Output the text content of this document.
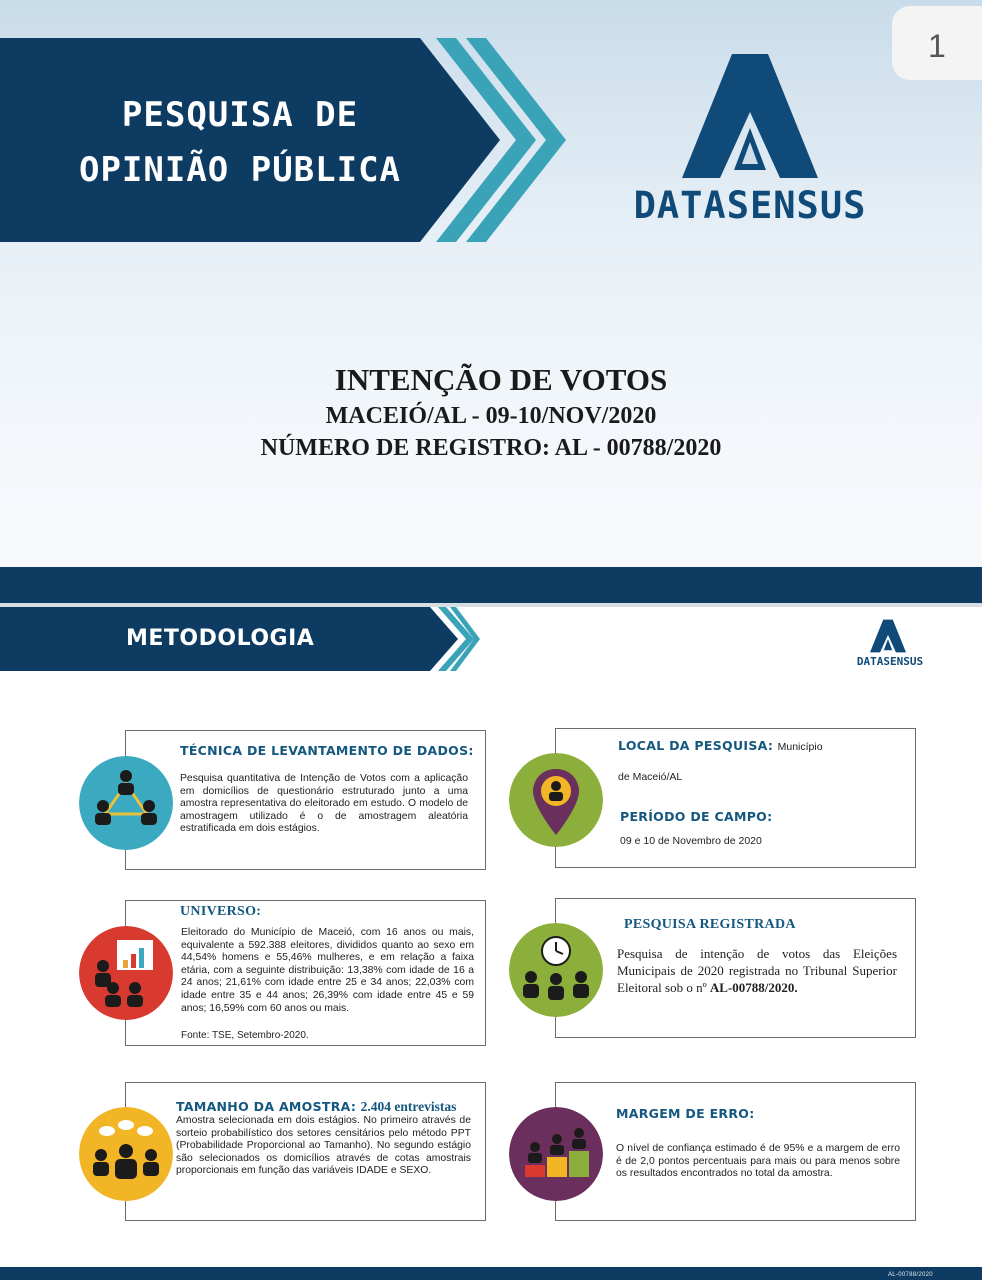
1
PESQUISA DE
OPINIÃO PÚBLICA
DATASENSUS
INTENÇÃO DE VOTOS
MACEIÓ/AL - 09-10/NOV/2020
NÚMERO DE REGISTRO: AL - 00788/2020
METODOLOGIA
DATASENSUS
TÉCNICA DE LEVANTAMENTO DE DADOS:
Pesquisa quantitativa de Intenção de Votos com a aplicação em domicílios de questionário estruturado junto a uma amostra representativa do eleitorado em estudo. O modelo de amostragem utilizado é o de amostragem aleatória estratificada em dois estágios.
LOCAL DA PESQUISA: Município
de Maceió/AL
PERÍODO DE CAMPO:
09 e 10 de Novembro de 2020
UNIVERSO:
Eleitorado do Município de Maceió, com 16 anos ou mais, equivalente a 592.388 eleitores, divididos quanto ao sexo em 44,54% homens e 55,46% mulheres, e em relação a faixa etária, com a seguinte distribuição: 13,38% com idade de 16 a 24 anos; 21,61% com idade entre 25 e 34 anos; 22,03% com idade entre 35 e 44 anos; 26,39% com idade entre 45 e 59 anos; 16,59% com 60 anos ou mais.
Fonte: TSE, Setembro-2020.
PESQUISA REGISTRADA
Pesquisa de intenção de votos das Eleições Municipais de 2020 registrada no Tribunal Superior Eleitoral sob o nº AL-00788/2020.
TAMANHO DA AMOSTRA: 2.404 entrevistas
Amostra selecionada em dois estágios. No primeiro através de sorteio probabilístico dos setores censitários pelo método PPT (Probabilidade Proporcional ao Tamanho). No segundo estágio são selecionados os domicílios através de cotas amostrais proporcionais em função das variáveis IDADE e SEXO.
MARGEM DE ERRO:
O nível de confiança estimado é de 95% e a margem de erro é de 2,0 pontos percentuais para mais ou para menos sobre os resultados encontrados no total da amostra.
AL-00788/2020
